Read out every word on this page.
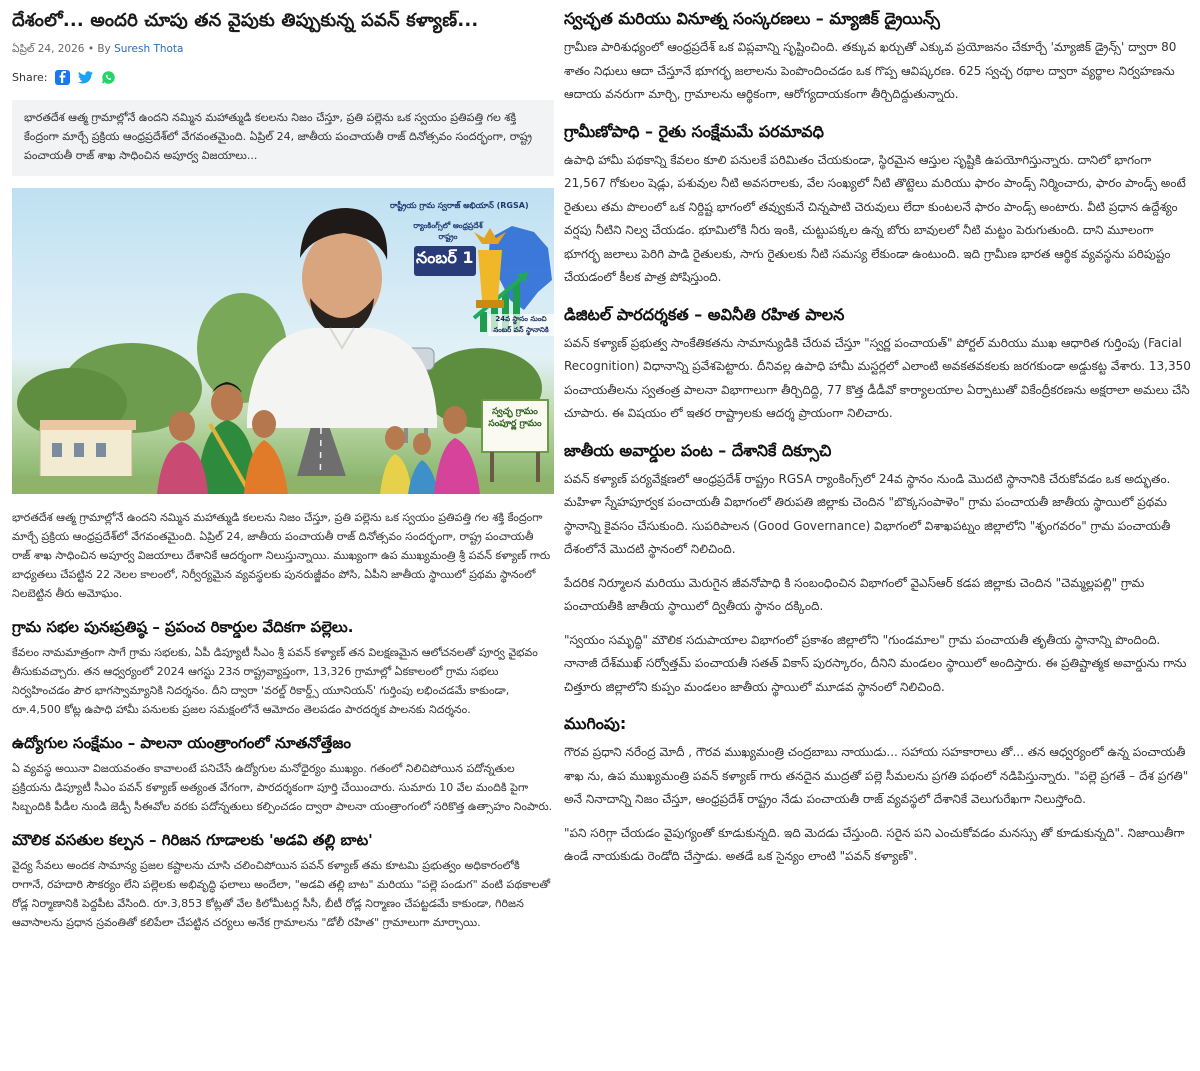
దేశంలో... అందరి చూపు తన వైపుకు తిప్పుకున్న పవన్ కళ్యాణ్...
ఏప్రిల్ 24, 2026 • By Suresh Thota
Share:
భారతదేశ ఆత్మ గ్రామాల్లోనే ఉందని నమ్మిన మహాత్ముడి కలలను నిజం చేస్తూ, ప్రతి పల్లెను ఒక స్వయం ప్రతిపత్తి గల శక్తి కేంద్రంగా మార్చే ప్రక్రియ ఆంధ్రప్రదేశ్‌లో వేగవంతమైంది. ఏప్రిల్ 24, జాతీయ పంచాయతీ రాజ్ దినోత్సవం సందర్భంగా, రాష్ట్ర పంచాయతీ రాజ్ శాఖ సాధించిన అపూర్వ విజయాలు...
రాష్ట్రీయ గ్రామ స్వరాజ్ అభియాన్ (RGSA)
ర్యాంకింగ్స్‌లో ఆంధ్రప్రదేశ్ రాష్ట్రం
నంబర్ 1
24వ స్థానం నుంచి నంబర్ వన్ స్థానానికి
స్వచ్ఛ గ్రామం సంపూర్ణ గ్రామం

భారతదేశ ఆత్మ గ్రామాల్లోనే ఉందని నమ్మిన మహాత్ముడి కలలను నిజం చేస్తూ, ప్రతి పల్లెను ఒక స్వయం ప్రతిపత్తి గల శక్తి కేంద్రంగా మార్చే ప్రక్రియ ఆంధ్రప్రదేశ్‌లో వేగవంతమైంది. ఏప్రిల్ 24, జాతీయ పంచాయతీ రాజ్ దినోత్సవం సందర్భంగా, రాష్ట్ర పంచాయతీ రాజ్ శాఖ సాధించిన అపూర్వ విజయాలు దేశానికే ఆదర్శంగా నిలుస్తున్నాయి. ముఖ్యంగా ఉప ముఖ్యమంత్రి శ్రీ పవన్ కళ్యాణ్ గారు బాధ్యతలు చేపట్టిన 22 నెలల కాలంలో, నిర్వీర్యమైన వ్యవస్థలకు పునరుజ్జీవం పోసి, ఏపీని జాతీయ స్థాయిలో ప్రథమ స్థానంలో నిలబెట్టిన తీరు అమోఘం.

గ్రామ సభల పునఃప్రతిష్ఠ – ప్రపంచ రికార్డుల వేదికగా పల్లెలు.

కేవలం నామమాత్రంగా సాగే గ్రామ సభలకు, ఏపీ డిప్యూటీ సీఎం శ్రీ పవన్ కళ్యాణ్ తన విలక్షణమైన ఆలోచనలతో పూర్వ వైభవం తీసుకువచ్చారు. తన ఆధ్వర్యంలో 2024 ఆగస్టు 23న రాష్ట్రవ్యాప్తంగా, 13,326 గ్రామాల్లో ఏకకాలంలో గ్రామ సభలు నిర్వహించడం పౌర భాగస్వామ్యానికి నిదర్శనం. దీని ద్వారా 'వరల్డ్ రికార్డ్స్ యూనియన్' గుర్తింపు లభించడమే కాకుండా, రూ.4,500 కోట్ల ఉపాధి హామీ పనులకు ప్రజల సమక్షంలోనే ఆమోదం తెలపడం పారదర్శక పాలనకు నిదర్శనం.

ఉద్యోగుల సంక్షేమం – పాలనా యంత్రాంగంలో నూతనోత్తేజం

ఏ వ్యవస్థ అయినా విజయవంతం కావాలంటే పనిచేసే ఉద్యోగుల మనోధైర్యం ముఖ్యం. గతంలో నిలిచిపోయిన పదోన్నతుల ప్రక్రియను డిప్యూటీ సీఎం పవన్ కళ్యాణ్ అత్యంత వేగంగా, పారదర్శకంగా పూర్తి చేయించారు. సుమారు 10 వేల మందికి పైగా సిబ్బందికి పీడీల నుండి జెడ్పీ సీఈవోల వరకు పదోన్నతులు కల్పించడం ద్వారా పాలనా యంత్రాంగంలో సరికొత్త ఉత్సాహం నింపారు.

మౌలిక వసతుల కల్పన – గిరిజన గూడాలకు 'అడవి తల్లి బాట'

వైద్య సేవలు అందక సామాన్య ప్రజల కష్టాలను చూసి చలించిపోయిన పవన్ కళ్యాణ్ తమ కూటమి ప్రభుత్వం అధికారంలోకి రాగానే, రహదారి సౌకర్యం లేని పల్లెలకు అభివృద్ధి ఫలాలు అందేలా, "అడవి తల్లి బాట" మరియు "పల్లె పండుగ" వంటి పథకాలతో రోడ్ల నిర్మాణానికి పెద్దపీట వేసింది. రూ.3,853 కోట్లతో వేల కిలోమీటర్ల సీసీ, బీటీ రోడ్ల నిర్మాణం చేపట్టడమే కాకుండా, గిరిజన ఆవాసాలను ప్రధాన స్రవంతితో కలిపేలా చేపట్టిన చర్యలు అనేక గ్రామాలను "డోలీ రహిత" గ్రామాలుగా మార్చాయి.

స్వచ్ఛత మరియు వినూత్న సంస్కరణలు – మ్యాజిక్ డ్రైయిన్స్

గ్రామీణ పారిశుధ్యంలో ఆంధ్రప్రదేశ్ ఒక విప్లవాన్ని సృష్టించింది. తక్కువ ఖర్చుతో ఎక్కువ ప్రయోజనం చేకూర్చే 'మ్యాజిక్ డ్రైన్స్' ద్వారా 80 శాతం నిధులు ఆదా చేస్తూనే భూగర్భ జలాలను పెంపొందించడం ఒక గొప్ప ఆవిష్కరణ. 625 స్వచ్ఛ రథాల ద్వారా వ్యర్థాల నిర్వహణను ఆదాయ వనరుగా మార్చి, గ్రామాలను ఆర్థికంగా, ఆరోగ్యదాయకంగా తీర్చిదిద్దుతున్నారు.

గ్రామీణోపాధి – రైతు సంక్షేమమే పరమావధి

ఉపాధి హామీ పథకాన్ని కేవలం కూలి పనులకే పరిమితం చేయకుండా, స్థిరమైన ఆస్తుల సృష్టికి ఉపయోగిస్తున్నారు. దానిలో భాగంగా 21,567 గోకులం షెడ్లు, పశువుల నీటి అవసరాలకు, వేల సంఖ్యలో నీటి తొట్టెలు మరియు ఫారం పాండ్స్ నిర్మించారు, ఫారం పాండ్స్ అంటే రైతులు తమ పొలంలో ఒక నిర్దిష్ట భాగంలో తవ్వుకునే చిన్నపాటి చెరువులు లేదా కుంటలనే ఫారం పాండ్స్ అంటారు. వీటి ప్రధాన ఉద్దేశ్యం వర్షపు నీటిని నిల్వ చేయడం. భూమిలోకి నీరు ఇంకి, చుట్టుపక్కల ఉన్న బోరు బావులలో నీటి మట్టం పెరుగుతుంది. దాని మూలంగా భూగర్భ జలాలు పెరిగి పాడి రైతులకు, సాగు రైతులకు నీటి సమస్య లేకుండా ఉంటుంది. ఇది గ్రామీణ భారత ఆర్థిక వ్యవస్థను పరిపుష్టం చేయడంలో కీలక పాత్ర పోషిస్తుంది.

డిజిటల్ పారదర్శకత – అవినీతి రహిత పాలన

పవన్ కళ్యాణ్ ప్రభుత్వ సాంకేతికతను సామాన్యుడికి చేరువ చేస్తూ "స్వర్ణ పంచాయత్" పోర్టల్ మరియు ముఖ ఆధారిత గుర్తింపు (Facial Recognition) విధానాన్ని ప్రవేశపెట్టారు. దీనివల్ల ఉపాధి హామీ మస్టర్లలో ఎలాంటి అవకతవకలకు జరగకుండా అడ్డుకట్ట వేశారు. 13,350 పంచాయతీలను స్వతంత్ర పాలనా విభాగాలుగా తీర్చిదిద్ది, 77 కొత్త డీడీవో కార్యాలయాల ఏర్పాటుతో వికేంద్రీకరణను అక్షరాలా అమలు చేసి చూపారు. ఈ విషయం లో ఇతర రాష్ట్రాలకు ఆదర్శ ప్రాయంగా నిలిచారు.

జాతీయ అవార్డుల పంట – దేశానికే దిక్సూచి

పవన్ కళ్యాణ్ పర్యవేక్షణలో ఆంధ్రప్రదేశ్ రాష్ట్రం RGSA ర్యాంకింగ్స్‌లో 24వ స్థానం నుండి మొదటి స్థానానికి చేరుకోవడం ఒక అద్భుతం. మహిళా స్నేహపూర్వక పంచాయతీ విభాగంలో తిరుపతి జిల్లాకు చెందిన "బొక్కసంపాళెం" గ్రామ పంచాయతీ జాతీయ స్థాయిలో ప్రథమ స్థానాన్ని కైవసం చేసుకుంది. సుపరిపాలన (Good Governance) విభాగంలో విశాఖపట్నం జిల్లాలోని "శృంగవరం" గ్రామ పంచాయతీ దేశంలోనే మొదటి స్థానంలో నిలిచింది.

పేదరిక నిర్మూలన మరియు మెరుగైన జీవనోపాధి కి సంబంధించిన విభాగంలో వైఎస్ఆర్ కడప జిల్లాకు చెందిన "చెమ్మల్లపల్లి" గ్రామ పంచాయతీకి జాతీయ స్థాయిలో ద్వితీయ స్థానం దక్కింది.

"స్వయం సమృద్ధి" మౌలిక సదుపాయాల విభాగంలో ప్రకాశం జిల్లాలోని "గుండమాల" గ్రామ పంచాయతీ తృతీయ స్థానాన్ని పొందింది. నానాజీ దేశ్‌ముఖ్ సర్వోత్తమ్ పంచాయతీ సతత్ వికాస్ పురస్కారం, దీనిని మండలం స్థాయిలో అందిస్తారు. ఈ ప్రతిష్టాత్మక అవార్డును గాను చిత్తూరు జిల్లాలోని కుప్పం మండలం జాతీయ స్థాయిలో మూడవ స్థానంలో నిలిచింది.

ముగింపు:

గౌరవ ప్రధాని నరేంద్ర మోదీ , గౌరవ ముఖ్యమంత్రి చంద్రబాబు నాయుడు... సహాయ సహకారాలు తో... తన ఆధ్వర్యంలో ఉన్న పంచాయతీ శాఖ ను, ఉప ముఖ్యమంత్రి పవన్ కళ్యాణ్ గారు తనదైన ముద్రతో పల్లె సీమలను ప్రగతి పథంలో నడిపిస్తున్నారు. "పల్లె ప్రగతే – దేశ ప్రగతి" అనే నినాదాన్ని నిజం చేస్తూ, ఆంధ్రప్రదేశ్ రాష్ట్రం నేడు పంచాయతీ రాజ్ వ్యవస్థలో దేశానికే వెలుగురేఖగా నిలుస్తోంది.

"పని సరిగ్గా చేయడం వైపుగ్యంతో కూడుకున్నది. ఇది మెదడు చేస్తుంది. సరైన పని ఎంచుకోవడం మనస్సు తో కూడుకున్నది". నిజాయితీగా ఉండే నాయకుడు రెండోది చేస్తాడు. అతడే ఒక సైన్యం లాంటి "పవన్ కళ్యాణ్".
